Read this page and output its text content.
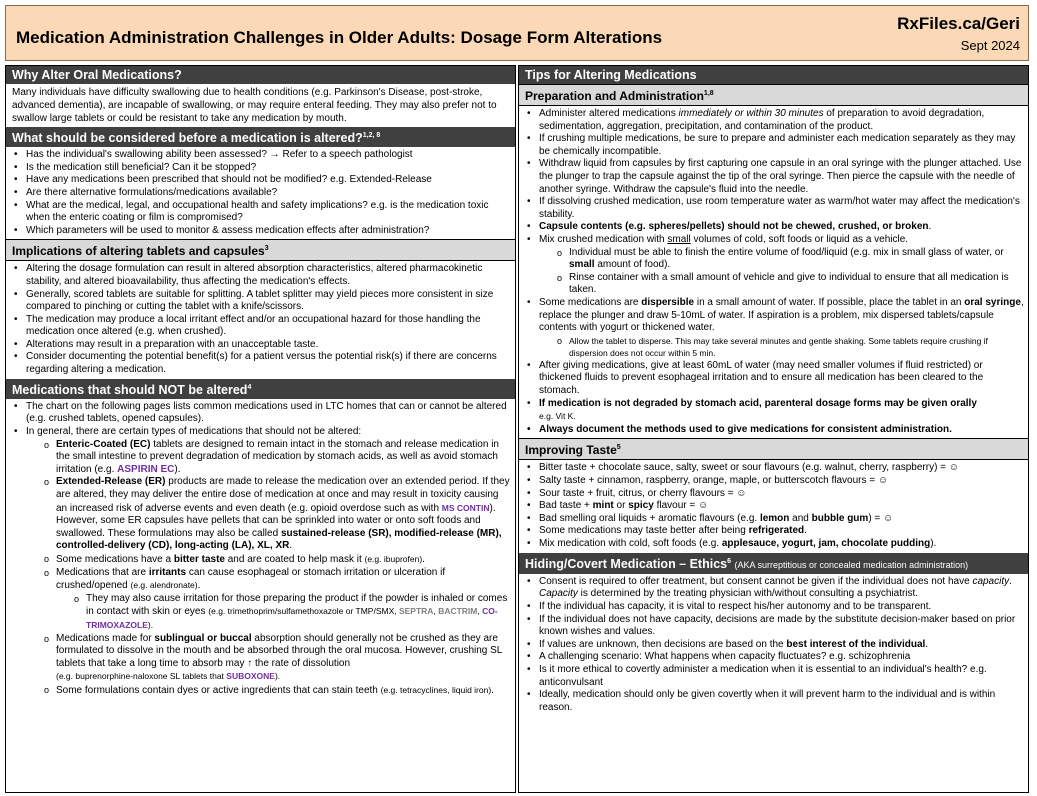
Medication Administration Challenges in Older Adults: Dosage Form Alterations
RxFiles.ca/Geri
Sept 2024
Why Alter Oral Medications?
Many individuals have difficulty swallowing due to health conditions (e.g. Parkinson's Disease, post-stroke, advanced dementia), are incapable of swallowing, or may require enteral feeding. They may also prefer not to swallow large tablets or could be resistant to take any medication by mouth.
What should be considered before a medication is altered?$^{1,2, 8}$
• Has the individual's swallowing ability been assessed? → Refer to a speech pathologist
• Is the medication still beneficial? Can it be stopped?
• Have any medications been prescribed that should not be modified? e.g. Extended-Release
• Are there alternative formulations/medications available?
• What are the medical, legal, and occupational health and safety implications? e.g. is the medication toxic when the enteric coating or film is compromised?
• Which parameters will be used to monitor & assess medication effects after administration?
Implications of altering tablets and capsules$^3$
• Altering the dosage formulation can result in altered absorption characteristics, altered pharmacokinetic stability, and altered bioavailability, thus affecting the medication's effects.
• Generally, scored tablets are suitable for splitting. A tablet splitter may yield pieces more consistent in size compared to pinching or cutting the tablet with a knife/scissors.
• The medication may produce a local irritant effect and/or an occupational hazard for those handling the medication once altered (e.g. when crushed).
• Alterations may result in a preparation with an unacceptable taste.
• Consider documenting the potential benefit(s) for a patient versus the potential risk(s) if there are concerns regarding altering a medication.
Medications that should NOT be altered$^4$
• The chart on the following pages lists common medications used in LTC homes that can or cannot be altered (e.g. crushed tablets, opened capsules).
• In general, there are certain types of medications that should not be altered:
o Enteric-Coated (EC) tablets are designed to remain intact in the stomach and release medication in the small intestine to prevent degradation of medication by stomach acids, as well as avoid stomach irritation (e.g. ASPIRIN EC).
o Extended-Release (ER) products are made to release the medication over an extended period. If they are altered, they may deliver the entire dose of medication at once and may result in toxicity causing an increased risk of adverse events and even death (e.g. opioid overdose such as with MS CONTIN). However, some ER capsules have pellets that can be sprinkled into water or onto soft foods and swallowed. These formulations may also be called sustained-release (SR), modified-release (MR), controlled-delivery (CD), long-acting (LA), XL, XR.
o Some medications have a bitter taste and are coated to help mask it (e.g. ibuprofen).
o Medications that are irritants can cause esophageal or stomach irritation or ulceration if crushed/opened (e.g. alendronate).
o They may also cause irritation for those preparing the product if the powder is inhaled or comes in contact with skin or eyes (e.g. trimethoprim/sulfamethoxazole or TMP/SMX, SEPTRA, BACTRIM, CO-TRIMOXAZOLE).
o Medications made for sublingual or buccal absorption should generally not be crushed as they are formulated to dissolve in the mouth and be absorbed through the oral mucosa. However, crushing SL tablets that take a long time to absorb may ↑ the rate of dissolution
(e.g. buprenorphine-naloxone SL tablets that SUBOXONE).
o Some formulations contain dyes or active ingredients that can stain teeth (e.g. tetracyclines, liquid iron).
Tips for Altering Medications
Preparation and Administration$^{1,8}$
• Administer altered medications immediately or within 30 minutes of preparation to avoid degradation, sedimentation, aggregation, precipitation, and contamination of the product.
• If crushing multiple medications, be sure to prepare and administer each medication separately as they may be chemically incompatible.
• Withdraw liquid from capsules by first capturing one capsule in an oral syringe with the plunger attached. Use the plunger to trap the capsule against the tip of the oral syringe. Then pierce the capsule with the needle of another syringe. Withdraw the capsule's fluid into the needle.
• If dissolving crushed medication, use room temperature water as warm/hot water may affect the medication's stability.
• Capsule contents (e.g. spheres/pellets) should not be chewed, crushed, or broken.
• Mix crushed medication with small volumes of cold, soft foods or liquid as a vehicle.
o Individual must be able to finish the entire volume of food/liquid (e.g. mix in small glass of water, or small amount of food).
o Rinse container with a small amount of vehicle and give to individual to ensure that all medication is taken.
• Some medications are dispersible in a small amount of water. If possible, place the tablet in an oral syringe, replace the plunger and draw 5-10mL of water. If aspiration is a problem, mix dispersed tablets/capsule contents with yogurt or thickened water.
o Allow the tablet to disperse. This may take several minutes and gentle shaking. Some tablets require crushing if dispersion does not occur within 5 min.
• After giving medications, give at least 60mL of water (may need smaller volumes if fluid restricted) or thickened fluids to prevent esophageal irritation and to ensure all medication has been cleared to the stomach.
• If medication is not degraded by stomach acid, parenteral dosage forms may be given orally
e.g. Vit K.
• Always document the methods used to give medications for consistent administration.
Improving Taste$^5$
• Bitter taste + chocolate sauce, salty, sweet or sour flavours (e.g. walnut, cherry, raspberry) = ☺
• Salty taste + cinnamon, raspberry, orange, maple, or butterscotch flavours = ☺
• Sour taste + fruit, citrus, or cherry flavours = ☺
• Bad taste + mint or spicy flavour = ☺
• Bad smelling oral liquids + aromatic flavours (e.g. lemon and bubble gum) = ☺
• Some medications may taste better after being refrigerated.
• Mix medication with cold, soft foods (e.g. applesauce, yogurt, jam, chocolate pudding).
Hiding/Covert Medication – Ethics$^6$ (AKA surreptitious or concealed medication administration)
• Consent is required to offer treatment, but consent cannot be given if the individual does not have capacity. Capacity is determined by the treating physician with/without consulting a psychiatrist.
• If the individual has capacity, it is vital to respect his/her autonomy and to be transparent.
• If the individual does not have capacity, decisions are made by the substitute decision-maker based on prior known wishes and values.
• If values are unknown, then decisions are based on the best interest of the individual.
• A challenging scenario: What happens when capacity fluctuates? e.g. schizophrenia
• Is it more ethical to covertly administer a medication when it is essential to an individual's health? e.g. anticonvulsant
• Ideally, medication should only be given covertly when it will prevent harm to the individual and is within reason.
